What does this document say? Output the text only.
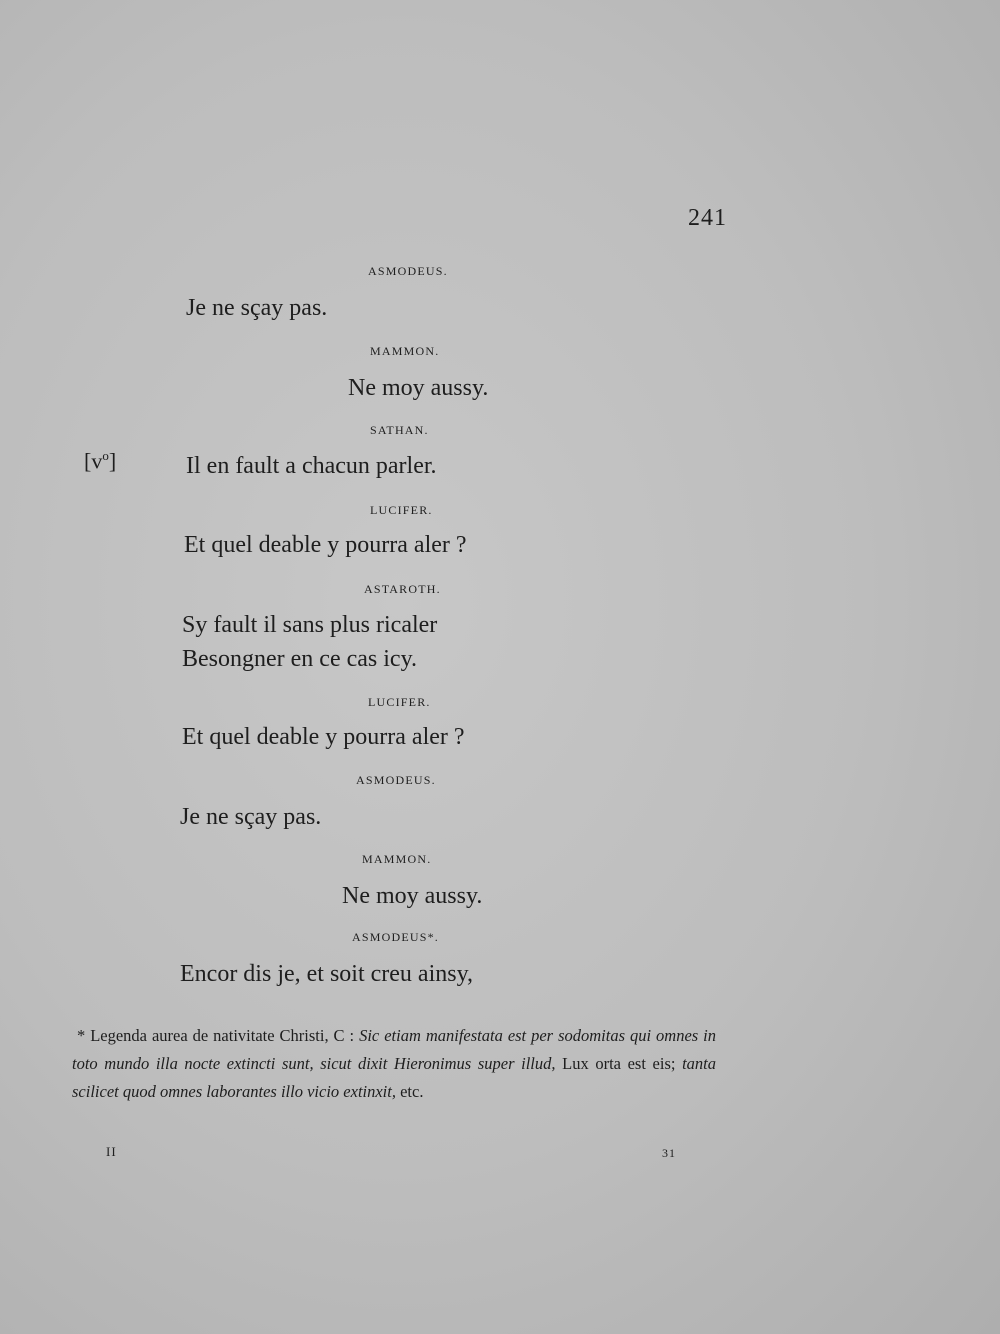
241
$[v^o]$
ASMODEUS.
Je ne sçay pas.
MAMMON.
Ne moy aussy.
SATHAN.
Il en fault a chacun parler.
LUCIFER.
Et quel deable y pourra aler ?
ASTAROTH.
Sy fault il sans plus ricaler
Besongner en ce cas icy.
LUCIFER.
Et quel deable y pourra aler ?
ASMODEUS.
Je ne sçay pas.
MAMMON.
Ne moy aussy.
ASMODEUS*.
Encor dis je, et soit creu ainsy,
* Legenda aurea de nativitate Christi, C : Sic etiam manifestata est per sodomitas qui omnes in toto mundo illa nocte extincti sunt, sicut dixit Hieronimus super illud, Lux orta est eis; tanta scilicet quod omnes laborantes illo vicio extinxit, etc.
II	31
